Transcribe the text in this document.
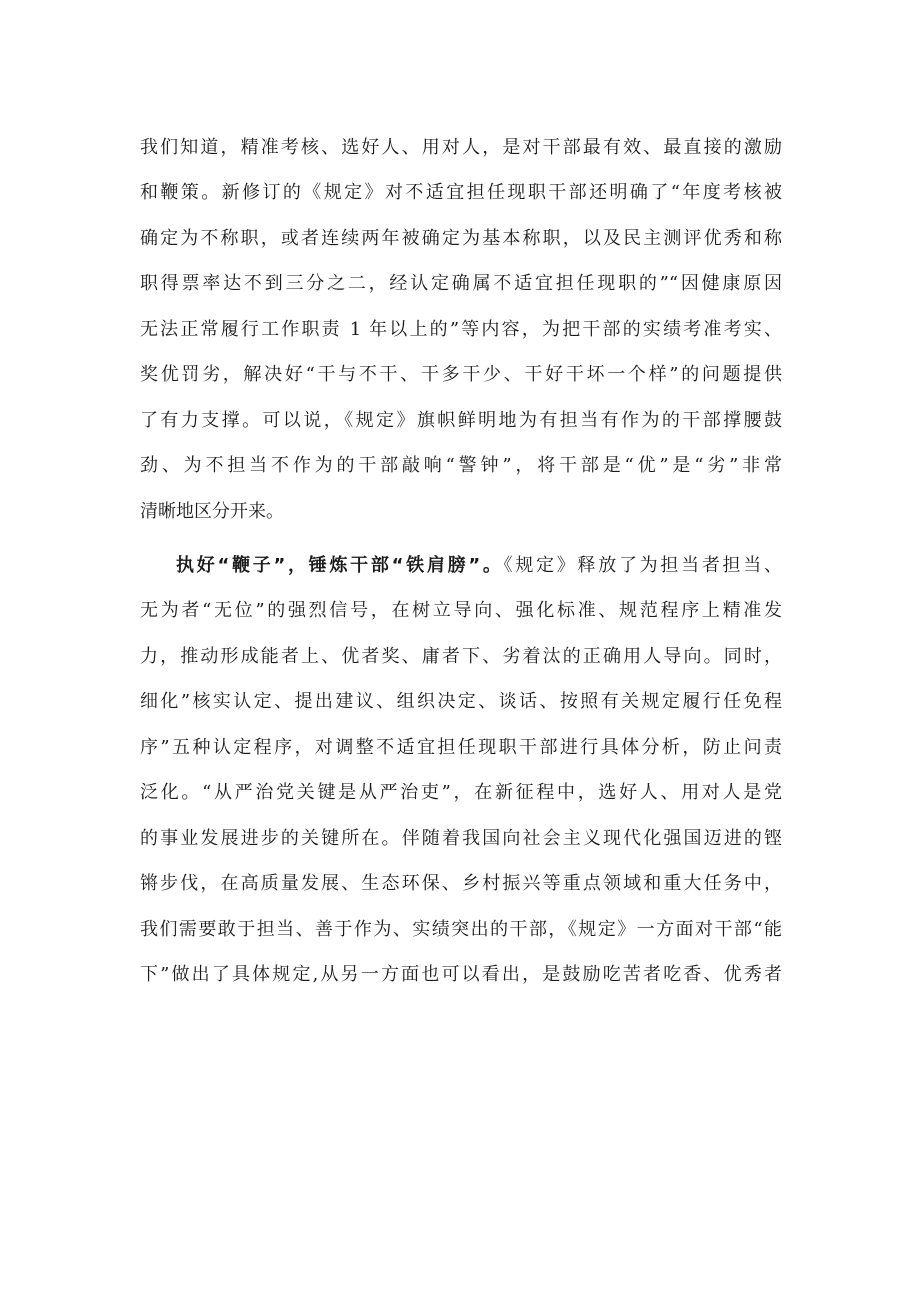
我们知道，精准考核、选好人、用对人，是对干部最有效、最直接的激励
和鞭策。新修订的《规定》对不适宜担任现职干部还明确了“年度考核被
确定为不称职，或者连续两年被确定为基本称职，以及民主测评优秀和称
职得票率达不到三分之二，经认定确属不适宜担任现职的”“因健康原因
无法正常履行工作职责 1 年以上的”等内容，为把干部的实绩考准考实、
奖优罚劣，解决好“干与不干、干多干少、干好干坏一个样”的问题提供
了有力支撑。可以说，《规定》旗帜鲜明地为有担当有作为的干部撑腰鼓
劲、为不担当不作为的干部敲响“警钟”，将干部是“优”是“劣”非常
清晰地区分开来。
执好“鞭子”，锤炼干部“铁肩膀”。《规定》释放了为担当者担当、
无为者“无位”的强烈信号，在树立导向、强化标准、规范程序上精准发
力，推动形成能者上、优者奖、庸者下、劣着汰的正确用人导向。同时，
细化”核实认定、提出建议、组织决定、谈话、按照有关规定履行任免程
序”五种认定程序，对调整不适宜担任现职干部进行具体分析，防止问责
泛化。“从严治党关键是从严治吏”，在新征程中，选好人、用对人是党
的事业发展进步的关键所在。伴随着我国向社会主义现代化强国迈进的铿
锵步伐，在高质量发展、生态环保、乡村振兴等重点领域和重大任务中，
我们需要敢于担当、善于作为、实绩突出的干部，《规定》一方面对干部“能
下”做出了具体规定,从另一方面也可以看出，是鼓励吃苦者吃香、优秀者
